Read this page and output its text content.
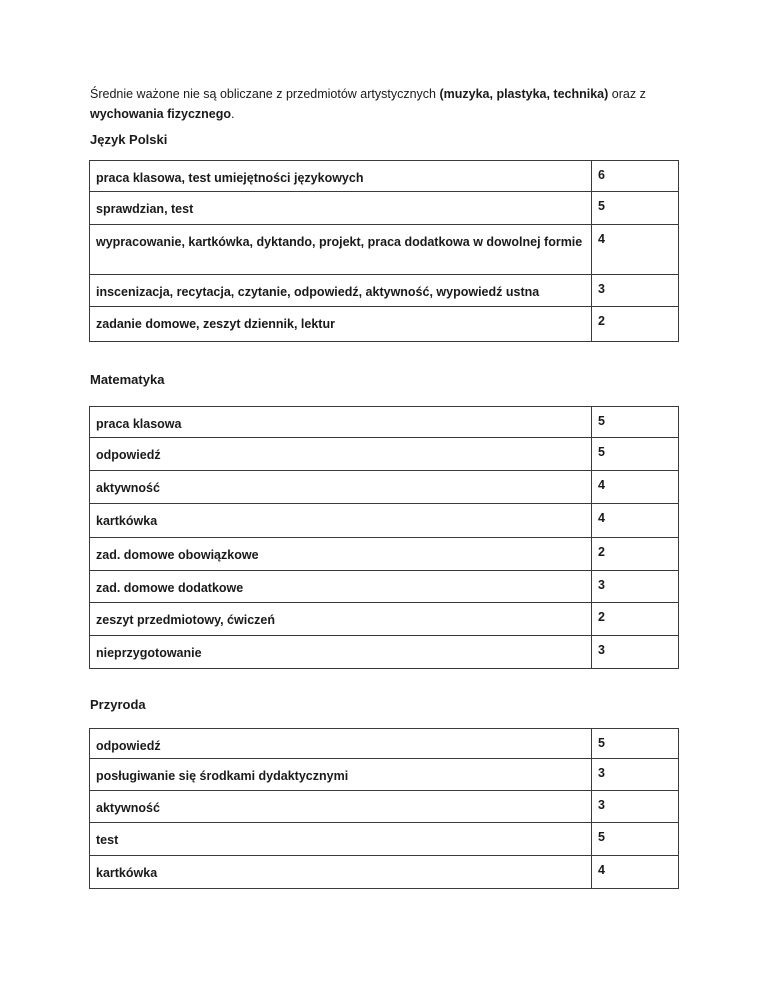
Średnie ważone nie są obliczane z przedmiotów artystycznych (muzyka, plastyka, technika) oraz z wychowania fizycznego.

Język Polski
praca klasowa, test umiejętności językowych	6
sprawdzian, test	5
wypracowanie, kartkówka, dyktando, projekt, praca dodatkowa w dowolnej formie	4
inscenizacja, recytacja, czytanie, odpowiedź, aktywność, wypowiedź ustna	3
zadanie domowe, zeszyt dziennik, lektur	2
Matematyka
praca klasowa	5
odpowiedź	5
aktywność	4
kartkówka	4
zad. domowe obowiązkowe	2
zad. domowe dodatkowe	3
zeszyt przedmiotowy, ćwiczeń	2
nieprzygotowanie	3
Przyroda
odpowiedź	5
posługiwanie się środkami dydaktycznymi	3
aktywność	3
test	5
kartkówka	4
